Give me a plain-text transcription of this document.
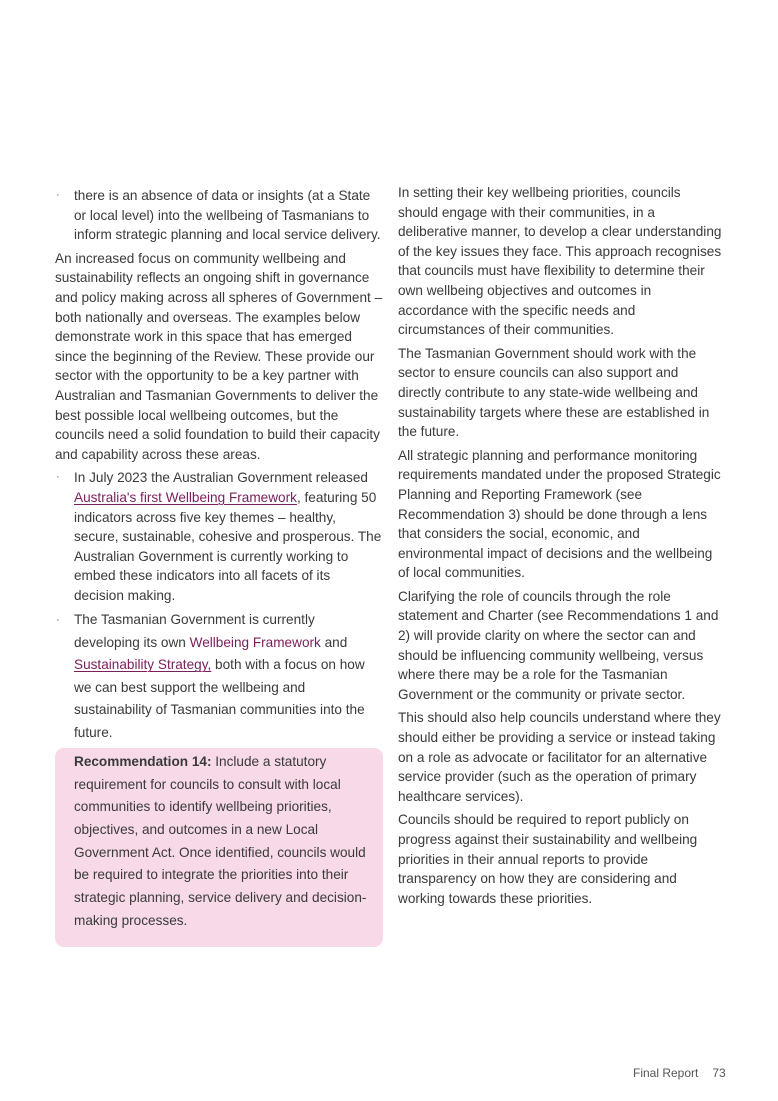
· there is an absence of data or insights (at a State or local level) into the wellbeing of Tasmanians to inform strategic planning and local service delivery.

An increased focus on community wellbeing and sustainability reflects an ongoing shift in governance and policy making across all spheres of Government – both nationally and overseas. The examples below demonstrate work in this space that has emerged since the beginning of the Review. These provide our sector with the opportunity to be a key partner with Australian and Tasmanian Governments to deliver the best possible local wellbeing outcomes, but the councils need a solid foundation to build their capacity and capability across these areas.

· In July 2023 the Australian Government released Australia's first Wellbeing Framework, featuring 50 indicators across five key themes – healthy, secure, sustainable, cohesive and prosperous. The Australian Government is currently working to embed these indicators into all facets of its decision making.
· The Tasmanian Government is currently developing its own Wellbeing Framework and Sustainability Strategy, both with a focus on how we can best support the wellbeing and sustainability of Tasmanian communities into the future.
Recommendation 14: Include a statutory requirement for councils to consult with local communities to identify wellbeing priorities, objectives, and outcomes in a new Local Government Act. Once identified, councils would be required to integrate the priorities into their strategic planning, service delivery and decision-making processes.

In setting their key wellbeing priorities, councils should engage with their communities, in a deliberative manner, to develop a clear understanding of the key issues they face. This approach recognises that councils must have flexibility to determine their own wellbeing objectives and outcomes in accordance with the specific needs and circumstances of their communities.

The Tasmanian Government should work with the sector to ensure councils can also support and directly contribute to any state-wide wellbeing and sustainability targets where these are established in the future.

All strategic planning and performance monitoring requirements mandated under the proposed Strategic Planning and Reporting Framework (see Recommendation 3) should be done through a lens that considers the social, economic, and environmental impact of decisions and the wellbeing of local communities.

Clarifying the role of councils through the role statement and Charter (see Recommendations 1 and 2) will provide clarity on where the sector can and should be influencing community wellbeing, versus where there may be a role for the Tasmanian Government or the community or private sector.

This should also help councils understand where they should either be providing a service or instead taking on a role as advocate or facilitator for an alternative service provider (such as the operation of primary healthcare services).

Councils should be required to report publicly on progress against their sustainability and wellbeing priorities in their annual reports to provide transparency on how they are considering and working towards these priorities.

Final Report 73
